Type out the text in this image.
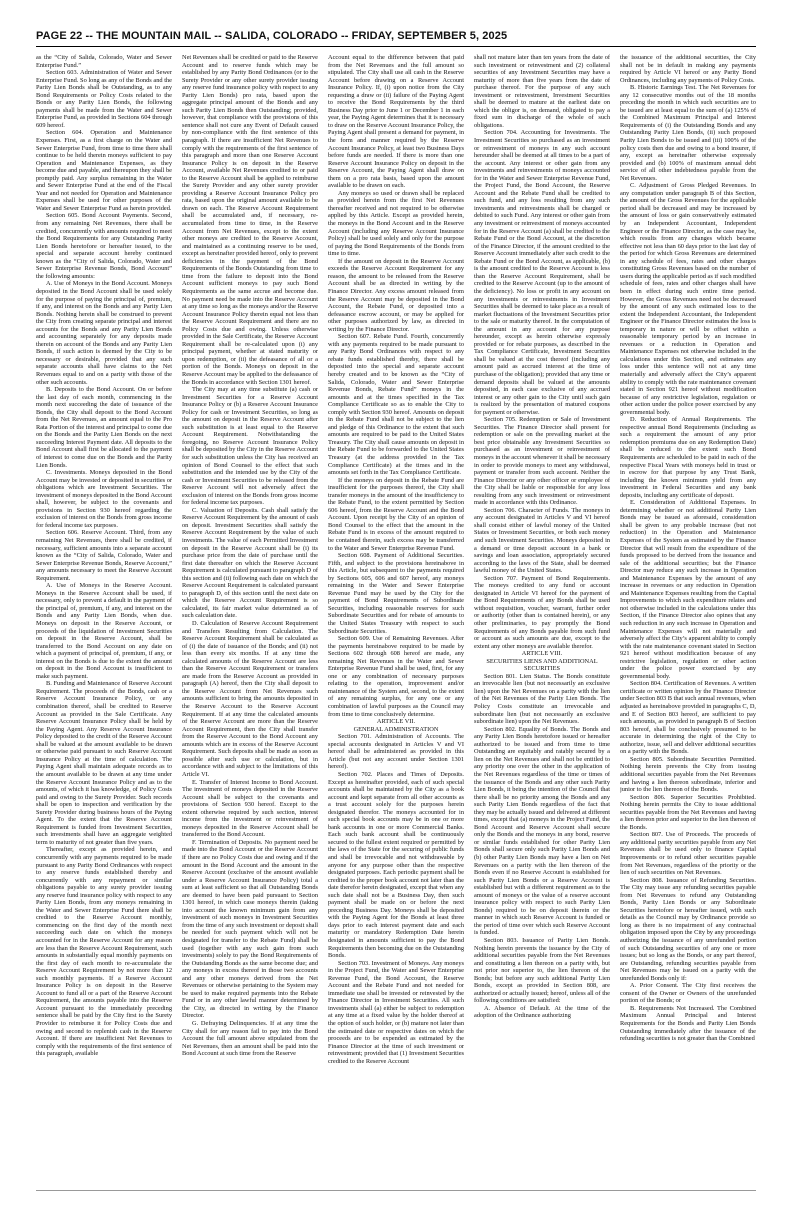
PAGE 22 -- THE MOUNTAIN MAIL -- SALIDA, COLORADO -- FRIDAY, SEPTEMBER 5, 2025

as the “City of Salida, Colorado, Water and Sewer Enterprise Fund.”

Section 603. Administration of Water and Sewer Enterprise Fund. So long as any of the Bonds and the Parity Lien Bonds shall be Outstanding, as to any Bond Requirements or Policy Costs related to the Bonds or any Parity Lien Bonds, the following payments shall be made from the Water and Sewer Enterprise Fund, as provided in Sections 604 through 609 hereof.

Section 604. Operation and Maintenance Expenses. First, as a first charge on the Water and Sewer Enterprise Fund, from time to time there shall continue to be held therein moneys sufficient to pay Operation and Maintenance Expenses, as they become due and payable, and thereupon they shall be promptly paid. Any surplus remaining in the Water and Sewer Enterprise Fund at the end of the Fiscal Year and not needed for Operation and Maintenance Expenses shall be used for other purposes of the Water and Sewer Enterprise Fund as herein provided.

Section 605. Bond Account Payments. Second, from any remaining Net Revenues, there shall be credited, concurrently with amounts required to meet the Bond Requirements for any Outstanding Parity Lien Bonds heretofore or hereafter issued, to the special and separate account hereby continued known as the “City of Salida, Colorado, Water and Sewer Enterprise Revenue Bonds, Bond Account” the following amounts:

A. Use of Moneys in the Bond Account. Moneys deposited in the Bond Account shall be used solely for the purpose of paying the principal of, premium, if any, and interest on the Bonds and any Parity Lien Bonds. Nothing herein shall be construed to prevent the City from creating separate principal and interest accounts for the Bonds and any Parity Lien Bonds and accounting separately for any deposits made therein on account of the Bonds and any Parity Lien Bonds, if such action is deemed by the City to be necessary or desirable, provided that any such separate accounts shall have claims to the Net Revenues equal to and on a parity with those of the other such accounts.

B. Deposits to the Bond Account. On or before the last day of each month, commencing in the month next succeeding the date of issuance of the Bonds, the City shall deposit to the Bond Account from the Net Revenues, an amount equal to the Pro Rata Portion of the interest and principal to come due on the Bonds and the Parity Lien Bonds on the next succeeding Interest Payment date. All deposits to the Bond Account shall first be allocated to the payment of interest to come due on the Bonds and the Parity Lien Bonds.

C. Investments. Moneys deposited in the Bond Account may be invested or deposited in securities or obligations which are Investment Securities. The investment of moneys deposited in the Bond Account shall, however, be subject to the covenants and provisions in Section 930 hereof regarding the exclusion of interest on the Bonds from gross income for federal income tax purposes.

Section 606. Reserve Account. Third, from any remaining Net Revenues, there shall be credited, if necessary, sufficient amounts into a separate account known as the “City of Salida, Colorado, Water and Sewer Enterprise Revenue Bonds, Reserve Account,” any amounts necessary to meet the Reserve Account Requirement.

A. Use of Moneys in the Reserve Account. Moneys in the Reserve Account shall be used, if necessary, only to prevent a default in the payment of the principal of, premium, if any, and interest on the Bonds and any Parity Lien Bonds, when due. Moneys on deposit in the Reserve Account, or proceeds of the liquidation of Investment Securities on deposit in the Reserve Account, shall be transferred to the Bond Account on any date on which a payment of principal of, premium, if any, or interest on the Bonds is due to the extent the amount on deposit in the Bond Account is insufficient to make such payment.

B. Funding and Maintenance of Reserve Account Requirement. The proceeds of the Bonds, cash or a Reserve Account Insurance Policy, or any combination thereof, shall be credited to Reserve Account as provided in the Sale Certificate. Any Reserve Account Insurance Policy shall be held by the Paying Agent. Any Reserve Account Insurance Policy deposited to the credit of the Reserve Account shall be valued at the amount available to be drawn or otherwise paid pursuant to such Reserve Account Insurance Policy at the time of calculation. The Paying Agent shall maintain adequate records as to the amount available to be drawn at any time under the Reserve Account Insurance Policy and as to the amounts, of which it has knowledge, of Policy Costs paid and owing to the Surety Provider. Such records shall be open to inspection and verification by the Surety Provider during business hours of the Paying Agent. To the extent that the Reserve Account Requirement is funded from Investment Securities, such investments shall have an aggregate weighted term to maturity of not greater than five years.

Thereafter, except as provided herein, and concurrently with any payments required to be made pursuant to any Parity Bond Ordinances with respect to any reserve funds established thereby and concurrently with any repayment or similar obligations payable to any surety provider issuing any reserve fund insurance policy with respect to any Parity Lien Bonds, from any moneys remaining in the Water and Sewer Enterprise Fund there shall be credited to the Reserve Account monthly, commencing on the first day of the month next succeeding each date on which the moneys accounted for in the Reserve Account for any reason are less than the Reserve Account Requirement, such amounts in substantially equal monthly payments on the first day of each month to re-accumulate the Reserve Account Requirement by not more than 12 such monthly payments. If a Reserve Account Insurance Policy is on deposit in the Reserve Account to fund all or a part of the Reserve Account Requirement, the amounts payable into the Reserve Account pursuant to the immediately preceding sentence shall be paid by the City first to the Surety Provider to reimburse it for Policy Costs due and owing and second to replenish cash in the Reserve Account. If there are insufficient Net Revenues to comply with the requirements of the first sentence of this paragraph, available

Net Revenues shall be credited or paid to the Reserve Account and to reserve funds which may be established by any Parity Bond Ordinances (or to the Surety Provider or any other surety provider issuing any reserve fund insurance policy with respect to any Parity Lien Bonds) pro rata, based upon the aggregate principal amount of the Bonds and any such Parity Lien Bonds then Outstanding; provided, however, that compliance with the provisions of this sentence shall not cure any Event of Default caused by non-compliance with the first sentence of this paragraph. If there are insufficient Net Revenues to comply with the requirements of the first sentence of this paragraph and more than one Reserve Account Insurance Policy is on deposit in the Reserve Account, available Net Revenues credited to or paid to the Reserve Account shall be applied to reimburse the Surety Provider and any other surety provider providing a Reserve Account Insurance Policy pro rata, based upon the original amount available to be drawn on each. The Reserve Account Requirement shall be accumulated and, if necessary, re-accumulated from time to time, in the Reserve Account from Net Revenues, except to the extent other moneys are credited to the Reserve Account, and maintained as a continuing reserve to be used, except as hereinafter provided hereof, only to prevent deficiencies in the payment of the Bond Requirements of the Bonds Outstanding from time to time from the failure to deposit into the Bond Account sufficient moneys to pay such Bond Requirements as the same accrue and become due. No payment need be made into the Reserve Account at any time so long as the moneys and/or the Reserve Account Insurance Policy therein equal not less than the Reserve Account Requirement and there are no Policy Costs due and owing. Unless otherwise provided in the Sale Certificate, the Reserve Account Requirement shall be re-calculated upon (i) any principal payment, whether at stated maturity or upon redemption, or (ii) the defeasance of all or a portion of the Bonds. Moneys on deposit in the Reserve Account may be applied to the defeasance of the Bonds in accordance with Section 1301 hereof.

The City may at any time substitute (a) cash or Investment Securities for a Reserve Account Insurance Policy or (b) a Reserve Account Insurance Policy for cash or Investment Securities, so long as the amount on deposit in the Reserve Account after such substitution is at least equal to the Reserve Account Requirement. Notwithstanding the foregoing, no Reserve Account Insurance Policy shall be deposited by the City in the Reserve Account for such substitution unless the City has received an opinion of Bond Counsel to the effect that such substitution and the intended use by the City of the cash or Investment Securities to be released from the Reserve Account will not adversely affect the exclusion of interest on the Bonds from gross income for federal income tax purposes.

C. Valuation of Deposits. Cash shall satisfy the Reserve Account Requirement by the amount of cash on deposit. Investment Securities shall satisfy the Reserve Account Requirement by the value of such investments. The value of each Permitted Investment on deposit in the Reserve Account shall be (i) its purchase price from the date of purchase until the first date thereafter on which the Reserve Account Requirement is calculated pursuant to paragraph D of this section and (ii) following each date on which the Reserve Account Requirement is calculated pursuant to paragraph D, of this section until the next date on which the Reserve Account Requirement is so calculated, its fair market value determined as of such calculation date.

D. Calculation of Reserve Account Requirement and Transfers Resulting from Calculation. The Reserve Account Requirement shall be calculated as of (i) the date of issuance of the Bonds; and (ii) not less than every six months. If at any time the calculated amounts of the Reserve Account are less than the Reserve Account Requirement or transfers are made from the Reserve Account as provided in paragraph (A) hereof, then the City shall deposit to the Reserve Account from Net Revenues such amounts sufficient to bring the amounts deposited in the Reserve Account to the Reserve Account Requirement. If at any time the calculated amounts of the Reserve Account are more than the Reserve Account Requirement, then the City shall transfer from the Reserve Account to the Bond Account any amounts which are in excess of the Reserve Account Requirement. Such deposits shall be made as soon as possible after such use or calculation, but in accordance with and subject to the limitations of this Article VI.

E. Transfer of Interest Income to Bond Account. The investment of moneys deposited in the Reserve Account shall be subject to the covenants and provisions of Section 930 hereof. Except to the extent otherwise required by such section, interest income from the investment or reinvestment of moneys deposited in the Reserve Account shall be transferred to the Bond Account.

F. Termination of Deposits. No payment need be made into the Bond Account or the Reserve Account if there are no Policy Costs due and owing and if the amount in the Bond Account and the amount in the Reserve Account (exclusive of the amount available under a Reserve Account Insurance Policy) total a sum at least sufficient so that all Outstanding Bonds are deemed to have been paid pursuant to Section 1301 hereof, in which case moneys therein (taking into account the known minimum gain from any investment of such moneys in Investment Securities from the time of any such investment or deposit shall be needed for such payment which will not be designated for transfer to the Rebate Fund) shall be used (together with any such gain from such investments) solely to pay the Bond Requirements of the Outstanding Bonds as the same become due; and any moneys in excess thereof in those two accounts and any other moneys derived from the Net Revenues or otherwise pertaining to the System may be used to make required payments into the Rebate Fund or in any other lawful manner determined by the City, as directed in writing by the Finance Director.

G. Defraying Delinquencies. If at any time the City shall for any reason fail to pay into the Bond Account the full amount above stipulated from the Net Revenues, then an amount shall be paid into the Bond Account at such time from the Reserve

Account equal to the difference between that paid from the Net Revenues and the full amount so stipulated. The City shall use all cash in the Reserve Account before drawing on a Reserve Account Insurance Policy. If, (i) upon notice from the City requesting a draw or (ii) failure of the Paying Agent to receive the Bond Requirements by the third Business Day prior to June 1 or December 1 in each year, the Paying Agent determines that it is necessary to draw on the Reserve Account Insurance Policy, the Paying Agent shall present a demand for payment, in the form and manner required by the Reserve Account Insurance Policy, at least two Business Days before funds are needed. If there is more than one Reserve Account Insurance Policy on deposit in the Reserve Account, the Paying Agent shall draw on them on a pro rata basis, based upon the amount available to be drawn on each.

Any moneys so used or drawn shall be replaced as provided herein from the first Net Revenues thereafter received and not required to be otherwise applied by this Article. Except as provided herein, the moneys in the Bond Account and in the Reserve Account (including any Reserve Account Insurance Policy) shall be used solely and only for the purpose of paying the Bond Requirements of the Bonds from time to time.

If the amount on deposit in the Reserve Account exceeds the Reserve Account Requirement for any reason, the amount to be released from the Reserve Account shall be as directed in writing by the Finance Director. Any excess amount released from the Reserve Account may be deposited in the Bond Account, the Rebate Fund, or deposited into a defeasance escrow account, or may be applied for other purposes authorized by law, as directed in writing by the Finance Director.

Section 607. Rebate Fund. Fourth, concurrently with any payments required to be made pursuant to any Parity Bond Ordinances with respect to any rebate funds established thereby, there shall be deposited into the special and separate account hereby created and to be known as the “City of Salida, Colorado, Water and Sewer Enterprise Revenue Bonds, Rebate Fund” moneys in the amounts and at the times specified in the Tax Compliance Certificate so as to enable the City to comply with Section 930 hereof. Amounts on deposit in the Rebate Fund shall not be subject to the lien and pledge of this Ordinance to the extent that such amounts are required to be paid to the United States Treasury. The City shall cause amounts on deposit in the Rebate Fund to be forwarded to the United States Treasury (at the address provided in the Tax Compliance Certificate) at the times and in the amounts set forth in the Tax Compliance Certificate.

If the moneys on deposit in the Rebate Fund are insufficient for the purposes thereof, the City shall transfer moneys in the amount of the insufficiency to the Rebate Fund, to the extent permitted by Section 606 hereof, from the Reserve Account and the Bond Account. Upon receipt by the City of an opinion of Bond Counsel to the effect that the amount in the Rebate Fund is in excess of the amount required to be contained therein, such excess may be transferred to the Water and Sewer Enterprise Revenue Fund.

Section 608. Payment of Additional Securities. Fifth, and subject to the provisions hereinabove in this Article, but subsequent to the payments required by Sections 605, 606 and 607 hereof, any moneys remaining in the Water and Sewer Enterprise Revenue Fund may be used by the City for the payment of Bond Requirements of Subordinate Securities, including reasonable reserves for such Subordinate Securities and for rebate of amounts to the United States Treasury with respect to such Subordinate Securities.

Section 609. Use of Remaining Revenues. After the payments hereinabove required to be made by Sections 602 through 608 hereof are made, any remaining Net Revenues in the Water and Sewer Enterprise Revenue Fund shall be used, first, for any one or any combination of necessary purposes relating to the operation, improvement and/or maintenance of the System and, second, to the extent of any remaining surplus, for any one or any combination of lawful purposes as the Council may from time to time conclusively determine.

ARTICLE VII.
GENERAL ADMINISTRATION

Section 701. Administration of Accounts. The special accounts designated in Articles V and VI hereof shall be administered as provided in this Article (but not any account under Section 1301 hereof).

Section 702. Places and Times of Deposits. Except as hereinafter provided, each of such special accounts shall be maintained by the City as a book account and kept separate from all other accounts as a trust account solely for the purposes herein designated therefor. The moneys accounted for in such special book accounts may be in one or more bank accounts in one or more Commercial Banks. Each such bank account shall be continuously secured to the fullest extent required or permitted by the laws of the State for the securing of public funds and shall be irrevocable and not withdrawable by anyone for any purpose other than the respective designated purposes. Each periodic payment shall be credited to the proper book account not later than the date therefor herein designated, except that when any such date shall not be a Business Day, then such payment shall be made on or before the next preceding Business Day. Moneys shall be deposited with the Paying Agent for the Bonds at least three days prior to each interest payment date and each maturity or mandatory Redemption Date herein designated in amounts sufficient to pay the Bond Requirements then becoming due on the Outstanding Bonds.

Section 703. Investment of Moneys. Any moneys in the Project Fund, the Water and Sewer Enterprise Revenue Fund, the Bond Account, the Reserve Account and the Rebate Fund and not needed for immediate use shall be invested or reinvested by the Finance Director in Investment Securities. All such investments shall (a) either be subject to redemption at any time at a fixed value by the holder thereof at the option of such holder, or (b) mature not later than the estimated date or respective dates on which the proceeds are to be expended as estimated by the Finance Director at the time of such investment or reinvestment; provided that (1) Investment Securities credited to the Reserve Account

shall not mature later than ten years from the date of such investment or reinvestment and (2) collateral securities of any Investment Securities may have a maturity of more than five years from the date of purchase thereof. For the purpose of any such investment or reinvestment, Investment Securities shall be deemed to mature at the earliest date on which the obligor is, on demand, obligated to pay a fixed sum in discharge of the whole of such obligations.

Section 704. Accounting for Investments. The Investment Securities so purchased as an investment or reinvestment of moneys in any such account hereunder shall be deemed at all times to be a part of the account. Any interest or other gain from any investments and reinvestments of moneys accounted for in the Water and Sewer Enterprise Revenue Fund, the Project Fund, the Bond Account, the Reserve Account and the Rebate Fund shall be credited to such fund, and any loss resulting from any such investments and reinvestments shall be charged or debited to such Fund. Any interest or other gain from any investment or reinvestment of moneys accounted for in the Reserve Account (a) shall be credited to the Rebate Fund or the Bond Account, at the discretion of the Finance Director, if the amount credited to the Reserve Account immediately after such credit to the Rebate Fund or the Bond Account, as applicable, (b) is the amount credited to the Reserve Account is less than the Reserve Account Requirement, shall be credited to the Reserve Account (up to the amount of the deficiency). No loss or profit in any account on any investments or reinvestments in Investment Securities shall be deemed to take place as a result of market fluctuations of the Investment Securities prior to the sale or maturity thereof. In the computation of the amount in any account for any purpose hereunder, except as herein otherwise expressly provided or for rebate purposes, as described in the Tax Compliance Certificate, Investment Securities shall be valued at the cost thereof (including any amount paid as accrued interest at the time of purchase of the obligation); provided that any time or demand deposits shall be valued at the amounts deposited, in each case exclusive of any accrued interest or any other gain to the City until such gain is realized by the presentation of matured coupons for payment or otherwise.

Section 705. Redemption or Sale of Investment Securities. The Finance Director shall present for redemption or sale on the prevailing market at the best price obtainable any Investment Securities so purchased as an investment or reinvestment of moneys in the account whenever it shall be necessary in order to provide moneys to meet any withdrawal, payment or transfer from such account. Neither the Finance Director or any other officer or employee of the City shall be liable or responsible for any loss resulting from any such investment or reinvestment made in accordance with this Ordinance.

Section 706. Character of Funds. The moneys in any account designated in Articles V and VI hereof shall consist either of lawful money of the United States or Investment Securities, or both such money and such Investment Securities. Moneys deposited in a demand or time deposit account in a bank or savings and loan association, appropriately secured according to the laws of the State, shall be deemed lawful money of the United States.

Section 707. Payment of Bond Requirements. The moneys credited to any fund or account designated in Article VI hereof for the payment of the Bond Requirements of any Bonds shall be used without requisition, voucher, warrant, further order or authority (other than is contained herein), or any other preliminaries, to pay promptly the Bond Requirements of any Bonds payable from such fund or account as such amounts are due, except to the extent any other moneys are available therefor.

ARTICLE VIII.
SECURITIES LIENS AND ADDITIONAL SECURITIES

Section 801. Lien Status. The Bonds constitute an irrevocable lien (but not necessarily an exclusive lien) upon the Net Revenues on a parity with the lien of the Net Revenues of the Parity Lien Bonds. The Policy Costs constitute an irrevocable and subordinate lien (but not necessarily an exclusive subordinate lien) upon the Net Revenues.

Section 802. Equality of Bonds. The Bonds and any Parity Lien Bonds heretofore issued or hereafter authorized to be issued and from time to time Outstanding are equitably and ratably secured by a lien on the Net Revenues and shall not be entitled to any priority one over the other in the application of the Net Revenues regardless of the time or times of the issuance of the Bonds and any other such Parity Lien Bonds, it being the intention of the Council that there shall be no priority among the Bonds and any such Parity Lien Bonds regardless of the fact that they may be actually issued and delivered at different times, except that (a) moneys in the Project Fund, the Bond Account and Reserve Account shall secure only the Bonds and the moneys in any bond, reserve or similar funds established for other Parity Lien Bonds shall secure only such Parity Lien Bonds and (b) other Parity Lien Bonds may have a lien on Net Revenues on a parity with the lien thereon of the Bonds even if no Reserve Account is established for such Parity Lien Bonds or a Reserve Account is established but with a different requirement as to the amount of moneys or the value of a reserve account insurance policy with respect to such Parity Lien Bonds) required to be on deposit therein or the manner in which such Reserve Account is funded or the period of time over which such Reserve Account is funded.

Section 803. Issuance of Parity Lien Bonds. Nothing herein prevents the issuance by the City of additional securities payable from the Net Revenues and constituting a lien thereon on a parity with, but not prior nor superior to, the lien thereon of the Bonds; but before any such additional Parity Lien Bonds, except as provided in Section 808, are authorized or actually issued; hereof, unless all of the following conditions are satisfied:

A. Absence of Default. At the time of the adoption of the Ordinance authorizing

the issuance of the additional securities, the City shall not be in default in making any payments required by Article VI hereof or any Parity Bond Ordinances, including any payments of Policy Costs.

B. Historic Earnings Test. The Net Revenues for any 12 consecutive months out of the 18 months preceding the month in which such securities are to be issued are at least equal to the sum of (a) 125% of the Combined Maximum Principal and Interest Requirements of (i) the Outstanding Bonds and any Outstanding Parity Lien Bonds, (ii) such proposed Parity Lien Bonds to be issued and (iii) 100% of the policy costs then due and owing to a bond insurer, if any, except as hereinafter otherwise expressly provided and (b) 100% of maximum annual debt service of all other indebtedness payable from the Net Revenues.

C. Adjustment of Gross Pledged Revenues. In any computation under paragraph B of this Section, the amount of the Gross Revenues for the applicable period shall be decreased and may be increased by the amount of loss or gain conservatively estimated by an Independent Accountant, Independent Engineer or the Finance Director, as the case may be, which results from any changes which became effective not less than 60 days prior to the last day of the period for which Gross Revenues are determined in any schedule of fees, rates and other charges constituting Gross Revenues based on the number of users during the applicable period as if such modified schedule of fees, rates and other charges shall have been in effect during such entire time period. However, the Gross Revenues need not be decreased by the amount of any such estimated loss to the extent the Independent Accountant, the Independent Engineer or the Finance Director estimates the loss is temporary in nature or will be offset within a reasonable temporary period by an increase in revenues or a reduction in Operation and Maintenance Expenses not otherwise included in the calculations under this Section, and estimates any loss under this sentence will not at any time materially and adversely affect the City’s apparent ability to comply with the rate maintenance covenant stated in Section 921 hereof without modification because of any restrictive legislation, regulation or other action under the police power exercised by any governmental body.

D. Reduction of Annual Requirements. The respective annual Bond Requirements (including as such a requirement the amount of any prior redemption premiums due on any Redemption Date) shall be reduced to the extent such Bond Requirements are scheduled to be paid in each of the respective Fiscal Years with moneys held in trust or in escrow for that purpose by any Trust Bank, including the known minimum yield from any investment in Federal Securities and any bank deposits, including any certificate of deposit.

E. Consideration of Additional Expenses. In determining whether or not additional Parity Lien Bonds may be issued as aforesaid, consideration shall be given to any probable increase (but not reduction) in the Operation and Maintenance Expenses of the System as estimated by the Finance Director that will result from the expenditure of the funds proposed to be derived from the issuance and sale of the additional securities; but the Finance Director may reduce any such increase in Operation and Maintenance Expenses by the amount of any increase in revenues or any reduction in Operation and Maintenance Expenses resulting from the Capital Improvements to which such expenditure relates and not otherwise included in the calculations under this Section, if the Finance Director also opines that any such reduction in any such increase in Operation and Maintenance Expenses will not materially and adversely affect the City’s apparent ability to comply with the rate maintenance covenant stated in Section 921 hereof without modification because of any restrictive legislation, regulation or other action under the police power exercised by any governmental body.

Section 804. Certification of Revenues. A written certificate or written opinion by the Finance Director under Section 803 B that such annual revenues, when adjusted as hereinabove provided in paragraphs C, D, and E of Section 803 hereof, are sufficient to pay such amounts, as provided in paragraph B of Section 803 hereof, shall be conclusively presumed to be accurate in determining the right of the City to authorize, issue, sell and deliver additional securities on a parity with the Bonds.

Section 805. Subordinate Securities Permitted. Nothing herein prevents the City from issuing additional securities payable from the Net Revenues and having a lien thereon subordinate, inferior and junior to the lien thereon of the Bonds.

Section 806. Superior Securities Prohibited. Nothing herein permits the City to issue additional securities payable from the Net Revenues and having a lien thereon prior and superior to the lien thereon of the Bonds.

Section 807. Use of Proceeds. The proceeds of any additional parity securities payable from any Net Revenues shall be used only to finance Capital Improvements or to refund other securities payable from Net Revenues, regardless of the priority or the lien of such securities on Net Revenues.

Section 808. Issuance of Refunding Securities. The City may issue any refunding securities payable from Net Revenues to refund any Outstanding Bonds, Parity Lien Bonds or any Subordinate Securities heretofore or hereafter issued, with such details as the Council may by Ordinance provide so long as there is no impairment of any contractual obligation imposed upon the City by any proceedings authorizing the issuance of any unrefunded portion of such Outstanding securities of any one or more issues; but so long as the Bonds, or any part thereof, are Outstanding, refunding securities payable from Net Revenues may be issued on a parity with the unrefunded Bonds only if:

A. Prior Consent. The City first receives the consent of the Owner or Owners of the unrefunded portion of the Bonds; or

B. Requirements Not Increased. The Combined Maximum Annual Principal and Interest Requirements for the Bonds and Parity Lien Bonds Outstanding immediately after the issuance of the refunding securities is not greater than the Combined
